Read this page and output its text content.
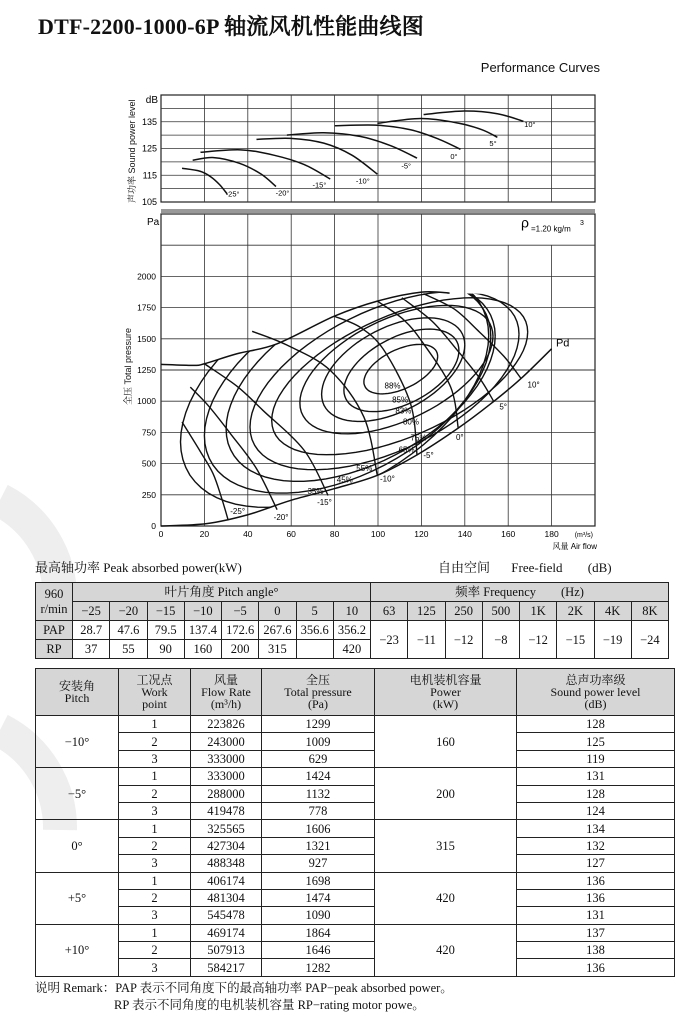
DTF-2200-1000-6P 轴流风机性能曲线图
Performance Curves
声功率 Sound power level
全压 Total pressure
105
115
125
135
dB
-25°	-20°
-15°	-10°
-5°
0°
5°
10°
0
250
500
750
1000
1250
1500
1750
2000
0	20	40	60	80	100	120	140	160	180 (m³/s)
风量 Air flow
Pa	ρ =1.20 kg/m
3
Pd
88%
85%
83%
80%
75%
65%
55%
45%
35%
-25°
-20°
-15°
-10°
-5°
0°
5°
10°
最高轴功率 Peak absorbed power(kW)	自由空间 Free-field (dB)
960
r/min	叶片角度 Pitch angle°								频率 Frequency  (Hz)							
	−25	−20	−15	−10	−5	0	5	10	63	125	250	500	1K	2K	4K	8K
PAP	28.7	47.6	79.5	137.4	172.6	267.6	356.6	356.2	−23	−11	−12	−8	−12	−15	−19	−24
RP	37	55	90	160	200	315		420								
安装角
Pitch	工况点
Work
point	风量
Flow Rate
(m³/h)	全压
Total pressure
(Pa)	电机装机容量
Power
(kW)	总声功率级
Sound power level
(dB)
−10°	1	223826	1299	160	128
	2	243000	1009		125
	3	333000	629		119
−5°	1	333000	1424	200	131
	2	288000	1132		128
	3	419478	778		124
0°	1	325565	1606	315	134
	2	427304	1321		132
	3	488348	927		127
+5°	1	406174	1698	420	136
	2	481304	1474		136
	3	545478	1090		131
+10°	1	469174	1864	420	137
	2	507913	1646		138
	3	584217	1282		136
说明 Remark：PAP 表示不同角度下的最高轴功率 PAP−peak absorbed power。
RP 表示不同角度的电机装机容量 RP−rating motor powe。
